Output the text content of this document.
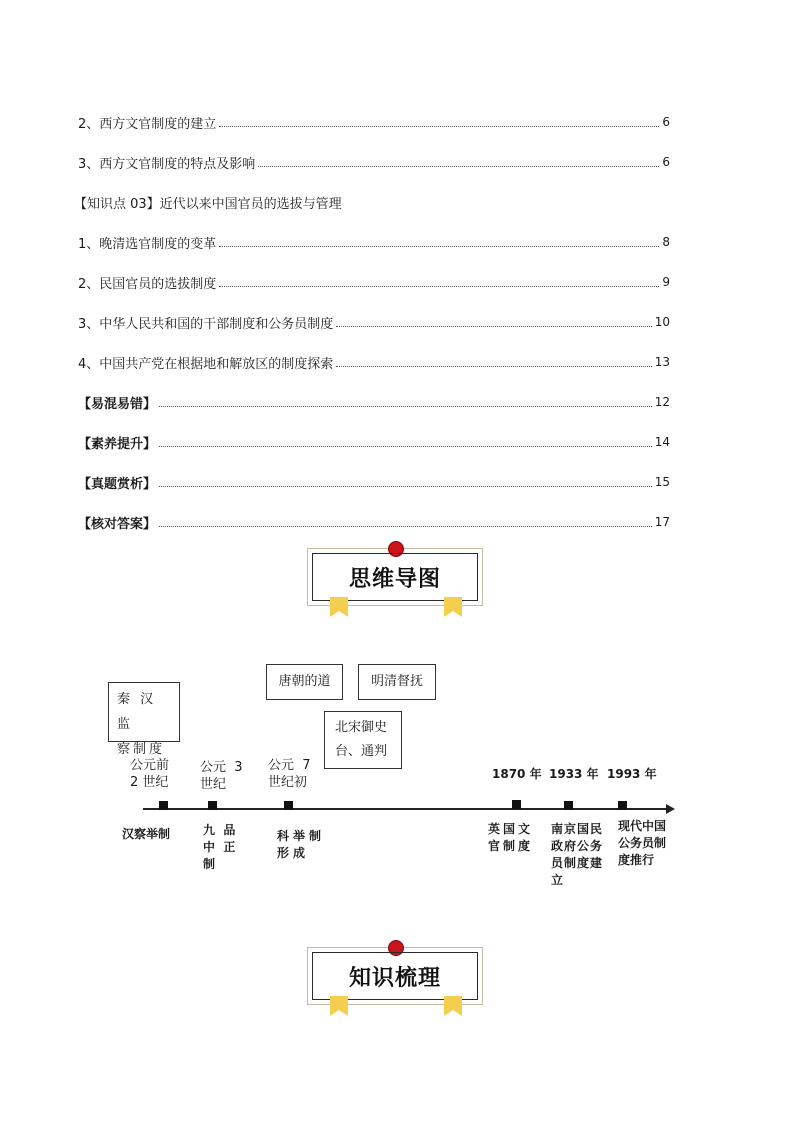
2、西方文官制度的建立	6
3、西方文官制度的特点及影响	6
【知识点 03】近代以来中国官员的选拔与管理
1、晚清选官制度的变革	8
2、民国官员的选拔制度	9
3、中华人民共和国的干部制度和公务员制度	10
4、中国共产党在根据地和解放区的制度探索	13
【易混易错】	12
【素养提升】	14
【真题赏析】	15
【核对答案】	17
思维导图
秦 汉 监
察制度
唐朝的道	明清督抚
北宋御史
台、通判
公元前
2 世纪
公元  3
世纪
公元  7
世纪初
1870 年 1933 年 1993 年
汉察举制	九  品
中  正
制
科举制
形成
英国文
官制度
南京国民
政府公务
员制度建
立
现代中国
公务员制
度推行
知识梳理
